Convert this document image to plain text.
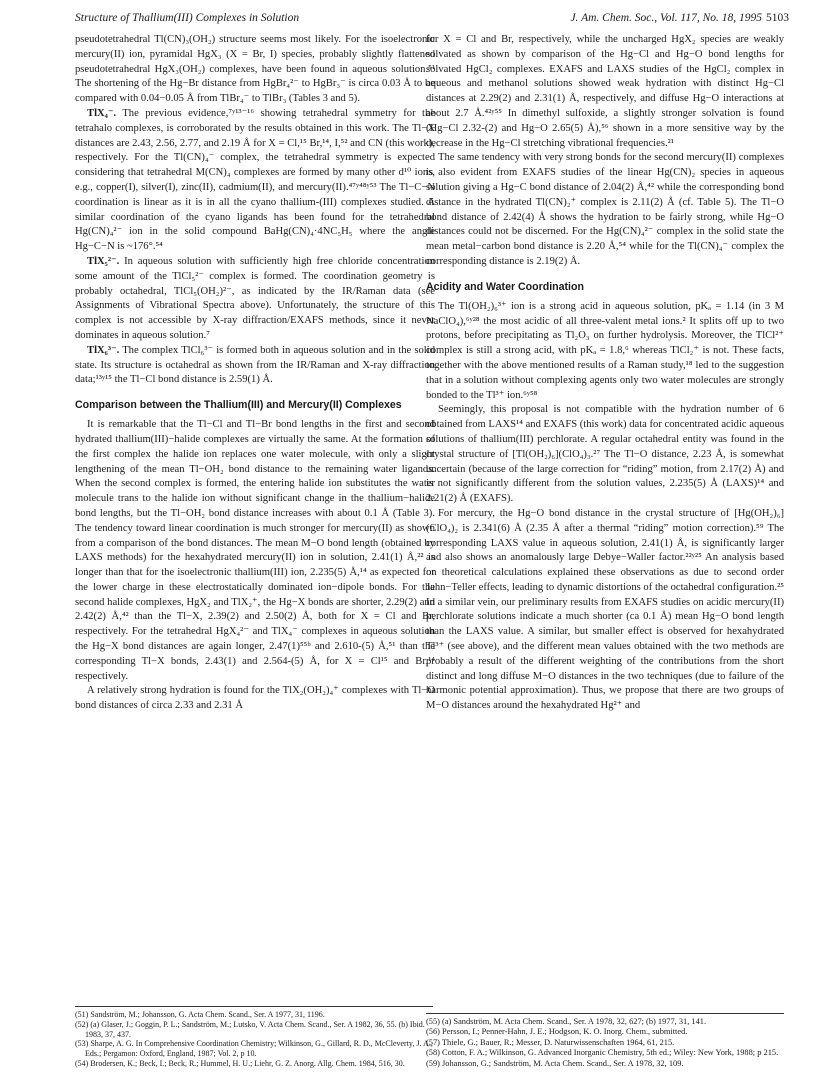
Structure of Thallium(III) Complexes in Solution	J. Am. Chem. Soc., Vol. 117, No. 18, 1995 5103

pseudotetrahedral Tl(CN)₃(OH₂) structure seems most likely. For the isoelectronic mercury(II) ion, pyramidal HgX₃ (X = Br, I) species, probably slightly flattened pseudotetrahedral HgX₃(OH₂) complexes, have been found in aqueous solution.⁵¹ The shortening of the Hg−Br distance from HgBr₄²⁻ to HgBr₃⁻ is circa 0.03 Å to be compared with 0.04−0.05 Å from TlBr₄⁻ to TlBr₃ (Tables 3 and 5).

TlX₄⁻. The previous evidence,⁷ʸ¹³⁻¹⁶ showing tetrahedral symmetry for the tetrahalo complexes, is corroborated by the results obtained in this work. The Tl−X distances are 2.43, 2.56, 2.77, and 2.19 Å for X = Cl,¹⁵ Br,¹⁴, I,⁵² and CN (this work), respectively. For the Tl(CN)₄⁻ complex, the tetrahedral symmetry is expected considering that tetrahedral M(CN)₄ complexes are formed by many other d¹⁰ ions, e.g., copper(I), silver(I), zinc(II), cadmium(II), and mercury(II).⁴⁷ʸ⁴⁸ʸ⁵³ The Tl−C−N coordination is linear as it is in all the cyano thallium-(III) complexes studied. A similar coordination of the cyano ligands has been found for the tetrahedral Hg(CN)₄²⁻ ion in the solid compound BaHg(CN)₄·4NC₅H₅ where the angle Hg−C−N is ~176°.⁵⁴

TlX₅²⁻. In aqueous solution with sufficiently high free chloride concentration some amount of the TlCl₅²⁻ complex is formed. The coordination geometry is probably octahedral, TlCl₅(OH₂)²⁻, as indicated by the IR/Raman data (see Assignments of Vibrational Spectra above). Unfortunately, the structure of this complex is not accessible by X-ray diffraction/EXAFS methods, since it never dominates in aqueous solution.⁷

TlX₆³⁻. The complex TlCl₆³⁻ is formed both in aqueous solution and in the solid state. Its structure is octahedral as shown from the IR/Raman and X-ray diffraction data;¹³ʸ¹⁵ the Tl−Cl bond distance is 2.59(1) Å.

Comparison between the Thallium(III) and Mercury(II) Complexes

It is remarkable that the Tl−Cl and Tl−Br bond lengths in the first and second hydrated thallium(III)−halide complexes are virtually the same. At the formation of the first complex the halide ion replaces one water molecule, with only a slight lengthening of the mean Tl−OH₂ bond distance to the remaining water ligands. When the second complex is formed, the entering halide ion substitutes the water molecule trans to the halide ion without significant change in the thallium−halide bond lengths, but the Tl−OH₂ bond distance increases with about 0.1 Å (Table 3). The tendency toward linear coordination is much stronger for mercury(II) as shown from a comparison of the bond distances. The mean M−O bond length (obtained by LAXS methods) for the hexahydrated mercury(II) ion in solution, 2.41(1) Å,²² is longer than that for the isoelectronic thallium(III) ion, 2.235(5) Å,¹⁴ as expected for the lower charge in these electrostatically dominated ion−dipole bonds. For the second halide complexes, HgX₂ and TlX₂⁺, the Hg−X bonds are shorter, 2.29(2) and 2.42(2) Å,⁴² than the Tl−X, 2.39(2) and 2.50(2) Å, both for X = Cl and Br, respectively. For the tetrahedral HgX₄²⁻ and TlX₄⁻ complexes in aqueous solution the Hg−X bond distances are again longer, 2.47(1)⁵⁵ᵇ and 2.610-(5) Å,⁵¹ than the corresponding Tl−X bonds, 2.43(1) and 2.564-(5) Å, for X = Cl¹⁵ and Br,¹⁴ respectively.

A relatively strong hydration is found for the TlX₂(OH₂)₄⁺ complexes with Tl−O bond distances of circa 2.33 and 2.31 Å

for X = Cl and Br, respectively, while the uncharged HgX₂ species are weakly solvated as shown by comparison of the Hg−Cl and Hg−O bond lengths for solvated HgCl₂ complexes. EXAFS and LAXS studies of the HgCl₂ complex in aqueous and methanol solutions showed weak hydration with distinct Hg−Cl distances at 2.29(2) and 2.31(1) Å, respectively, and diffuse Hg−O interactions at about 2.7 Å.⁴²ʸ⁵⁵ In dimethyl sulfoxide, a slightly stronger solvation is found (Hg−Cl 2.32-(2) and Hg−O 2.65(5) Å),⁵⁶ shown in a more sensitive way by the decrease in the Hg−Cl stretching vibrational frequencies.²¹

The same tendency with very strong bonds for the second mercury(II) complexes is also evident from EXAFS studies of the linear Hg(CN)₂ species in aqueous solution giving a Hg−C bond distance of 2.04(2) Å,⁴² while the corresponding bond distance in the hydrated Tl(CN)₂⁺ complex is 2.11(2) Å (cf. Table 5). The Tl−O bond distance of 2.42(4) Å shows the hydration to be fairly strong, while Hg−O distances could not be discerned. For the Hg(CN)₄²⁻ complex in the solid state the mean metal−carbon bond distance is 2.20 Å,⁵⁴ while for the Tl(CN)₄⁻ complex the corresponding distance is 2.19(2) Å.

Acidity and Water Coordination

The Tl(OH₂)₆³⁺ ion is a strong acid in aqueous solution, pKₐ = 1.14 (in 3 M NaClO₄),⁶ʸ²⁸ the most acidic of all three-valent metal ions.² It splits off up to two protons, before precipitating as Tl₂O₃ on further hydrolysis. Moreover, the TlCl²⁺ complex is still a strong acid, with pKₐ = 1.8,⁶ whereas TlCl₂⁺ is not. These facts, together with the above mentioned results of a Raman study,¹⁸ led to the suggestion that in a solution without complexing agents only two water molecules are strongly bonded to the Tl³⁺ ion.⁶ʸ⁵⁸

Seemingly, this proposal is not compatible with the hydration number of 6 obtained from LAXS¹⁴ and EXAFS (this work) data for concentrated acidic aqueous solutions of thallium(III) perchlorate. A regular octahedral entity was found in the crystal structure of [Tl(OH₂)₆](ClO₄)₃.²⁷ The Tl−O distance, 2.23 Å, is somewhat uncertain (because of the large correction for “riding” motion, from 2.17(2) Å) and is not significantly different from the solution values, 2.235(5) Å (LAXS)¹⁴ and 2.21(2) Å (EXAFS).

For mercury, the Hg−O bond distance in the crystal structure of [Hg(OH₂)₆](ClO₄)₂ is 2.341(6) Å (2.35 Å after a thermal “riding” motion correction).⁵⁹ The corresponding LAXS value in aqueous solution, 2.41(1) Å, is significantly larger and also shows an anomalously large Debye−Waller factor.²²ʸ²⁵ An analysis based on theoretical calculations explained these observations as due to second order Jahn−Teller effects, leading to dynamic distortions of the octahedral configuration.²⁵ In a similar vein, our preliminary results from EXAFS studies on acidic mercury(II) perchlorate solutions indicate a much shorter (ca 0.1 Å) mean Hg−O bond length than the LAXS value. A similar, but smaller effect is observed for hexahydrated Tl³⁺ (see above), and the different mean values obtained with the two methods are probably a result of the different weighting of the contributions from the short distinct and long diffuse M−O distances in the two techniques (due to failure of the harmonic potential approximation). Thus, we propose that there are two groups of M−O distances around the hexahydrated Hg²⁺ and

(51) Sandström, M.; Johansson, G. Acta Chem. Scand., Ser. A 1977, 31, 1196.

(52) (a) Glaser, J.; Goggin, P. L.; Sandström, M.; Lutsko, V. Acta Chem. Scand., Ser. A 1982, 36, 55. (b) Ibid. 1983, 37, 437.

(53) Sharpe, A. G. In Comprehensive Coordination Chemistry; Wilkinson, G., Gillard, R. D., McCleverty, J. A., Eds.; Pergamon: Oxford, England, 1987; Vol. 2, p 10.

(54) Brodersen, K.; Beck, I.; Beck, R.; Hummel, H. U.; Liehr, G. Z. Anorg. Allg. Chem. 1984, 516, 30.

(55) (a) Sandström, M. Acta Chem. Scand., Ser. A 1978, 32, 627; (b) 1977, 31, 141.

(56) Persson, I.; Penner-Hahn, J. E.; Hodgson, K. O. Inorg. Chem., submitted.

(57) Thiele, G.; Bauer, R.; Messer, D. Naturwissenschaften 1964, 61, 215.

(58) Cotton, F. A.; Wilkinson, G. Advanced Inorganic Chemistry, 5th ed.; Wiley: New York, 1988; p 215.

(59) Johansson, G.; Sandström, M. Acta Chem. Scand., Ser. A 1978, 32, 109.
